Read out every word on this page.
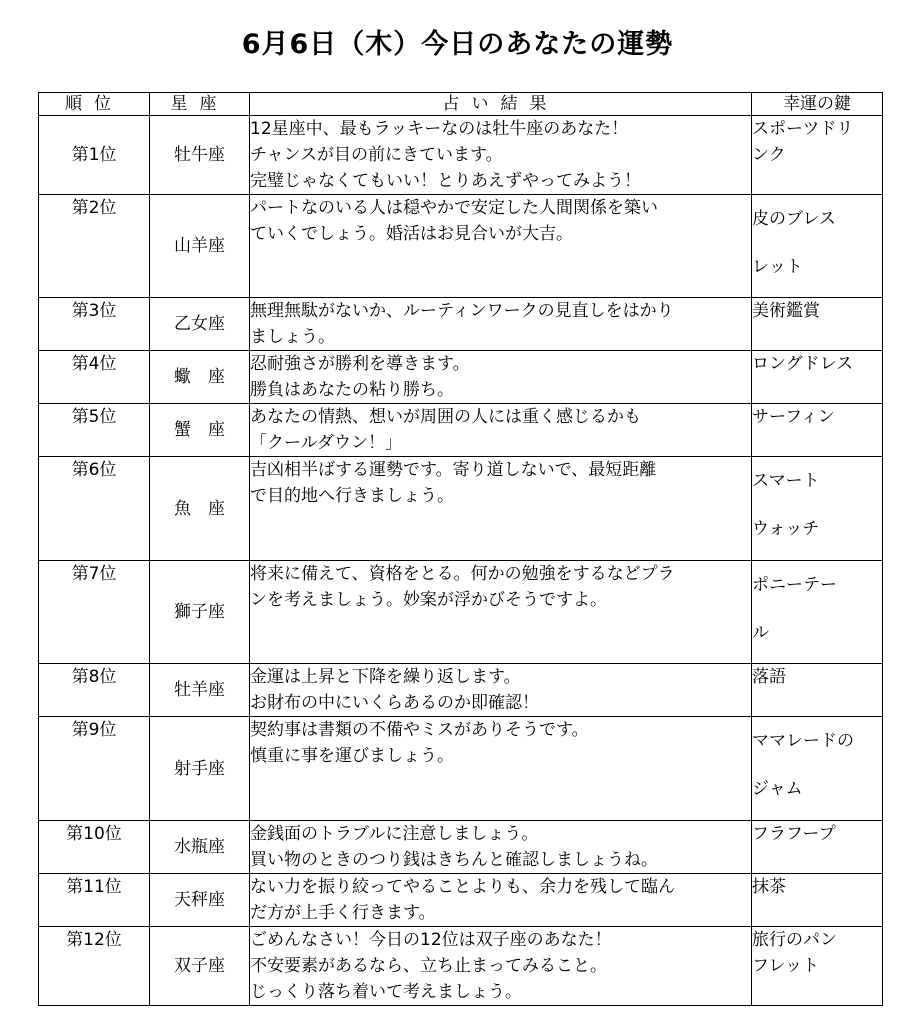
6月6日（木）今日のあなたの運勢
順位	星座	占い結果	幸運の鍵
第1位	牡牛座	12星座中、最もラッキーなのは牡牛座のあなた！
チャンスが目の前にきています。
完璧じゃなくてもいい！とりあえずやってみよう！	スポーツドリ
ンク
第2位	山羊座	パートなのいる人は穏やかで安定した人間関係を築い
ていくでしょう。婚活はお見合いが大吉。	皮のブレス
レット
第3位	乙女座	無理無駄がないか、ルーティンワークの見直しをはかり
ましょう。	美術鑑賞
第4位	蠍　座	忍耐強さが勝利を導きます。
勝負はあなたの粘り勝ち。	ロングドレス
第5位	蟹　座	あなたの情熱、想いが周囲の人には重く感じるかも
「クールダウン！」	サーフィン
第6位	魚　座	吉凶相半ばする運勢です。寄り道しないで、最短距離
で目的地へ行きましょう。	スマート
ウォッチ
第7位	獅子座	将来に備えて、資格をとる。何かの勉強をするなどプラ
ンを考えましょう。妙案が浮かびそうですよ。	ポニーテー
ル
第8位	牡羊座	金運は上昇と下降を繰り返します。
お財布の中にいくらあるのか即確認！	落語
第9位	射手座	契約事は書類の不備やミスがありそうです。
慎重に事を運びましょう。	ママレードの
ジャム
第10位	水瓶座	金銭面のトラブルに注意しましょう。
買い物のときのつり銭はきちんと確認しましょうね。	フラフープ
第11位	天秤座	ない力を振り絞ってやることよりも、余力を残して臨ん
だ方が上手く行きます。	抹茶
第12位	双子座	ごめんなさい！今日の12位は双子座のあなた！
不安要素があるなら、立ち止まってみること。
じっくり落ち着いて考えましょう。	旅行のパン
フレット
